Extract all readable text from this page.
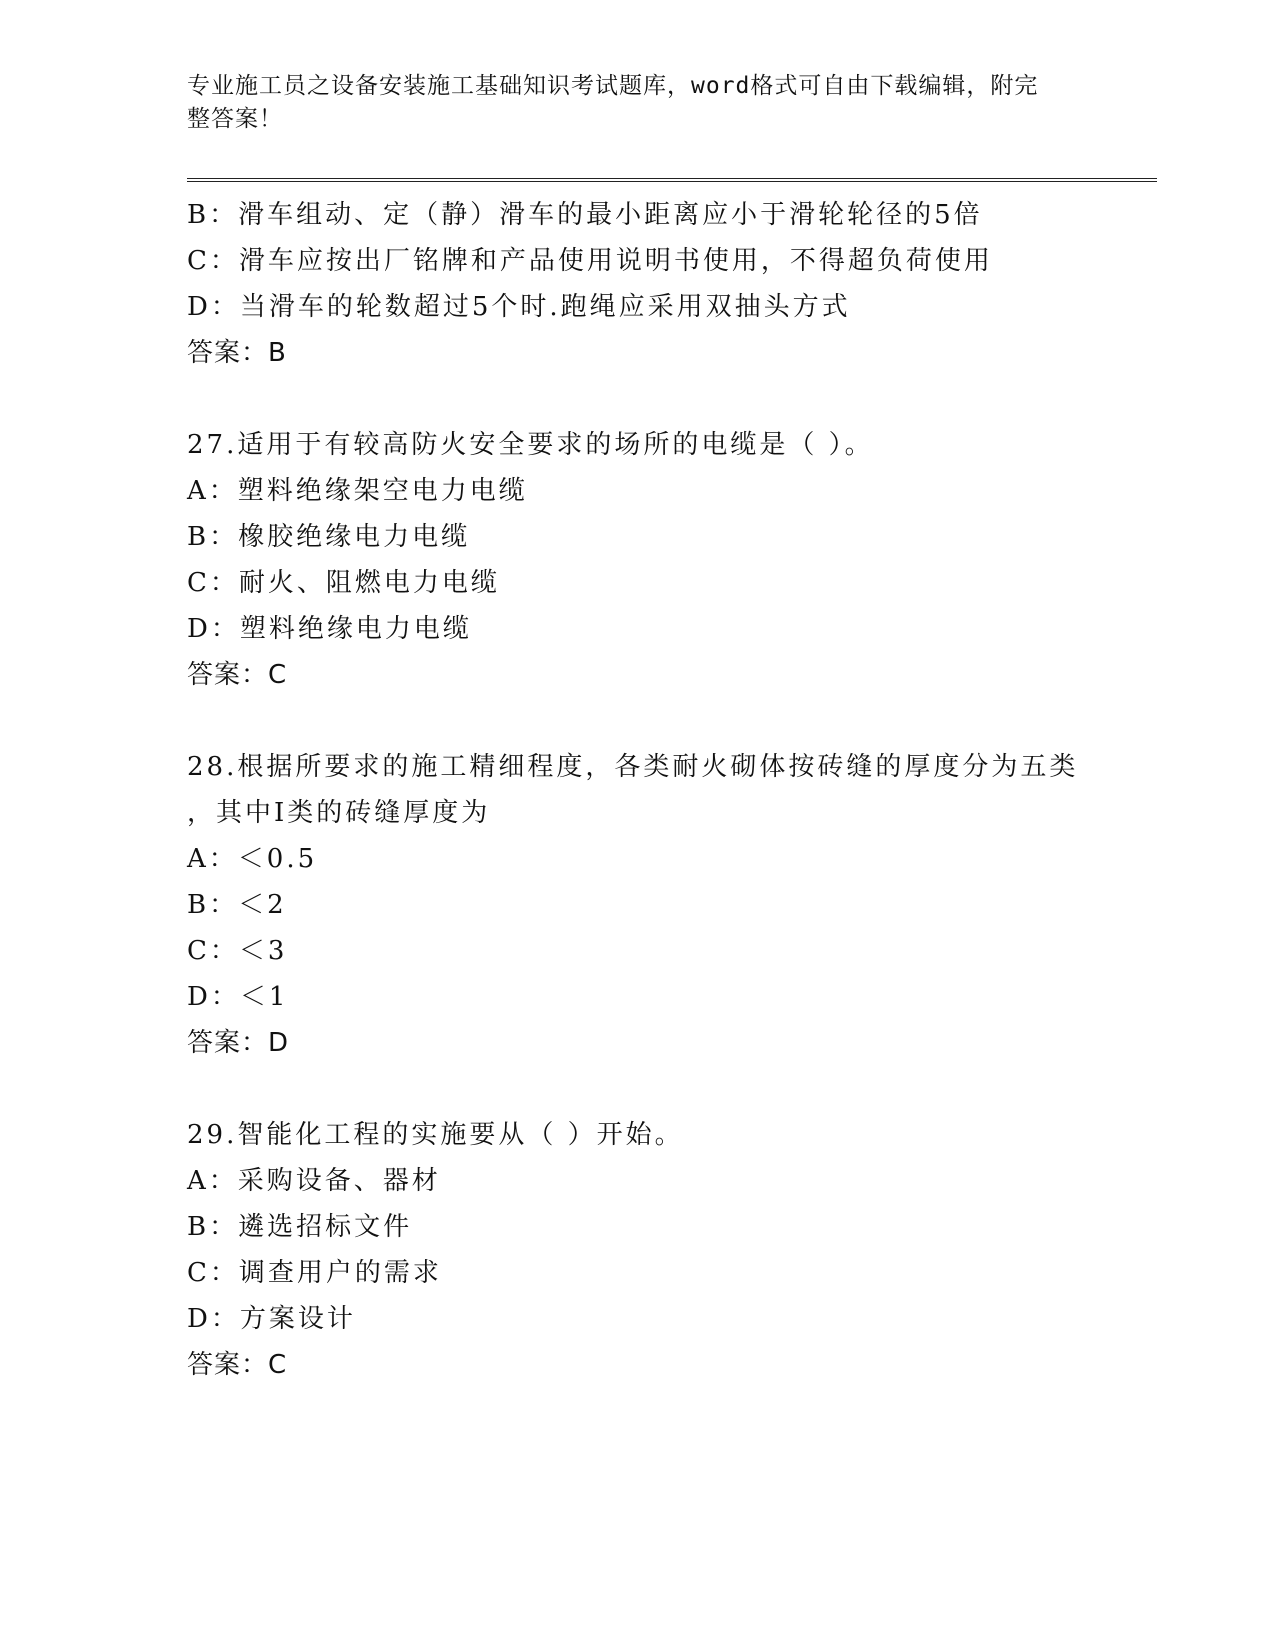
专业施工员之设备安装施工基础知识考试题库，word格式可自由下载编辑，附完
整答案！
B：滑车组动、定（静）滑车的最小距离应小于滑轮轮径的5倍
C：滑车应按出厂铭牌和产品使用说明书使用，不得超负荷使用
D：当滑车的轮数超过5个时.跑绳应采用双抽头方式
答案：B
27.适用于有较高防火安全要求的场所的电缆是（ ）。
A：塑料绝缘架空电力电缆
B：橡胶绝缘电力电缆
C：耐火、阻燃电力电缆
D：塑料绝缘电力电缆
答案：C
28.根据所要求的施工精细程度，各类耐火砌体按砖缝的厚度分为五类
，其中Ⅰ类的砖缝厚度为
A：＜0.5
B：＜2
C：＜3
D：＜1
答案：D
29.智能化工程的实施要从（ ）开始。
A：采购设备、器材
B：遴选招标文件
C：调查用户的需求
D：方案设计
答案：C
